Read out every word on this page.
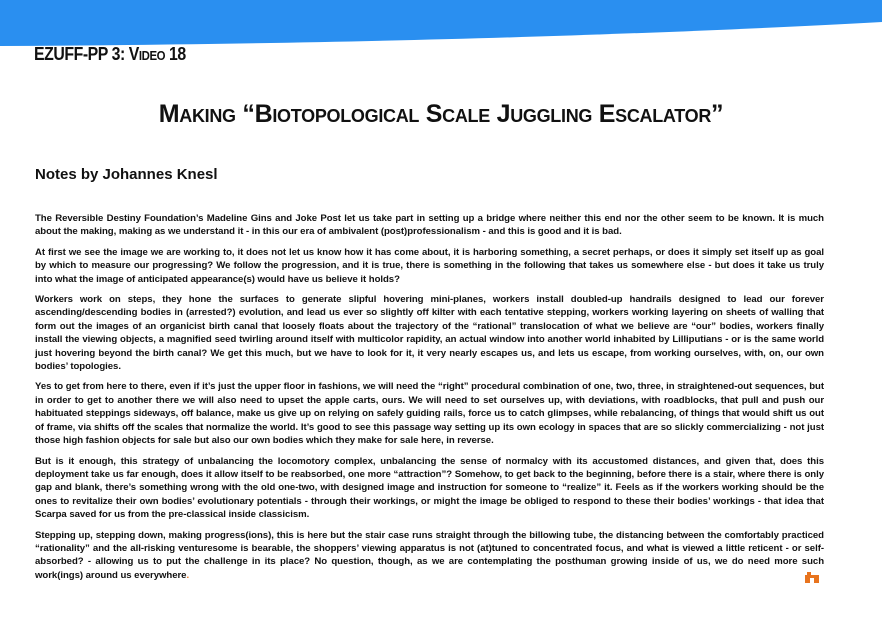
EZUFF-PP 3: Video 18
Making “Biotopological Scale Juggling Escalator”
Notes by Johannes Knesl

The Reversible Destiny Foundation’s Madeline Gins and Joke Post let us take part in setting up a bridge where neither this end nor the other seem to be known. It is much about the making, making as we understand it - in this our era of ambivalent (post)professionalism - and this is good and it is bad.

At first we see the image we are working to, it does not let us know how it has come about, it is harboring something, a secret perhaps, or does it simply set itself up as goal by which to measure our progressing? We follow the progression, and it is true, there is something in the following that takes us somewhere else - but does it take us truly into what the image of anticipated appearance(s) would have us believe it holds?

Workers work on steps, they hone the surfaces to generate slipful hovering mini-planes, workers install doubled-up handrails designed to lead our forever ascending/descending bodies in (arrested?) evolution, and lead us ever so slightly off kilter with each tentative stepping, workers working layering on sheets of walling that form out the images of an organicist birth canal that loosely floats about the trajectory of the “rational” translocation of what we believe are “our” bodies, workers finally install the viewing objects, a magnified seed twirling around itself with multicolor rapidity, an actual window into another world inhabited by Lilliputians - or is the same world just hovering beyond the birth canal? We get this much, but we have to look for it, it very nearly escapes us, and lets us escape, from working ourselves, with, on, our own bodies’ topologies.

Yes to get from here to there, even if it’s just the upper floor in fashions, we will need the “right” procedural combination of one, two, three, in straightened-out sequences, but in order to get to another there we will also need to upset the apple carts, ours. We will need to set ourselves up, with deviations, with roadblocks, that pull and push our habituated steppings sideways, off balance, make us give up on relying on safely guiding rails, force us to catch glimpses, while rebalancing, of things that would shift us out of frame, via shifts off the scales that normalize the world. It’s good to see this passage way setting up its own ecology in spaces that are so slickly commercializing - not just those high fashion objects for sale but also our own bodies which they make for sale here, in reverse.

But is it enough, this strategy of unbalancing the locomotory complex, unbalancing the sense of normalcy with its accustomed distances, and given that, does this deployment take us far enough, does it allow itself to be reabsorbed, one more “attraction”? Somehow, to get back to the beginning, before there is a stair, where there is only gap and blank, there’s something wrong with the old one-two, with designed image and instruction for someone to “realize” it. Feels as if the workers working should be the ones to revitalize their own bodies’ evolutionary potentials - through their workings, or might the image be obliged to respond to these their bodies’ workings - that idea that Scarpa saved for us from the pre-classical inside classicism.

Stepping up, stepping down, making progress(ions), this is here but the stair case runs straight through the billowing tube, the distancing between the comfortably practiced “rationality” and the all-risking venturesome is bearable, the shoppers’ viewing apparatus is not (at)tuned to concentrated focus, and what is viewed a little reticent - or self-absorbed? - allowing us to put the challenge in its place? No question, though, as we are contemplating the posthuman growing inside of us, we do need more such work(ings) around us everywhere.
